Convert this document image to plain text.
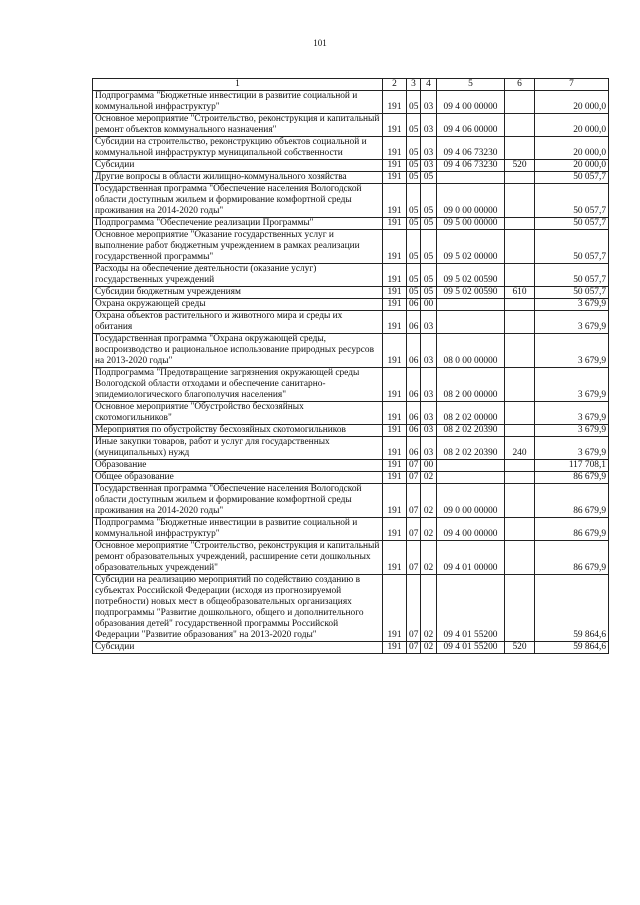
101
1	2	3	4	5	6	7
Подпрограмма "Бюджетные инвестиции в развитие социальной и коммунальной инфраструктур"	191	05	03	09 4 00 00000		20 000,0
Основное мероприятие "Строительство, реконструкция и капитальный ремонт объектов коммунального назначения"	191	05	03	09 4 06 00000		20 000,0
Субсидии на строительство, реконструкцию объектов социальной и коммунальной инфраструктур муниципальной собственности	191	05	03	09 4 06 73230		20 000,0
Субсидии	191	05	03	09 4 06 73230	520	20 000,0
Другие вопросы в области жилищно-коммунального хозяйства	191	05	05			50 057,7
Государственная программа "Обеспечение населения Вологодской области доступным жильем и формирование комфортной среды проживания на 2014-2020 годы"	191	05	05	09 0 00 00000		50 057,7
Подпрограмма "Обеспечение реализации Программы"	191	05	05	09 5 00 00000		50 057,7
Основное мероприятие "Оказание государственных услуг и выполнение работ бюджетным учреждением в рамках реализации государственной программы"	191	05	05	09 5 02 00000		50 057,7
Расходы на обеспечение деятельности (оказание услуг) государственных учреждений	191	05	05	09 5 02 00590		50 057,7
Субсидии бюджетным учреждениям	191	05	05	09 5 02 00590	610	50 057,7
Охрана окружающей среды	191	06	00			3 679,9
Охрана объектов растительного и животного мира и среды их обитания	191	06	03			3 679,9
Государственная программа "Охрана окружающей среды, воспроизводство и рациональное использование природных ресурсов на 2013-2020 годы"	191	06	03	08 0 00 00000		3 679,9
Подпрограмма "Предотвращение загрязнения окружающей среды Вологодской области отходами и обеспечение санитарно-эпидемиологического благополучия населения"	191	06	03	08 2 00 00000		3 679,9
Основное мероприятие "Обустройство бесхозяйных скотомогильников"	191	06	03	08 2 02 00000		3 679,9
Мероприятия по обустройству бесхозяйных скотомогильников	191	06	03	08 2 02 20390		3 679,9
Иные закупки товаров, работ и услуг для государственных (муниципальных) нужд	191	06	03	08 2 02 20390	240	3 679,9
Образование	191	07	00			117 708,1
Общее образование	191	07	02			86 679,9
Государственная программа "Обеспечение населения Вологодской области доступным жильем и формирование комфортной среды проживания на 2014-2020 годы"	191	07	02	09 0 00 00000		86 679,9
Подпрограмма "Бюджетные инвестиции в развитие социальной и коммунальной инфраструктур"	191	07	02	09 4 00 00000		86 679,9
Основное мероприятие "Строительство, реконструкция и капитальный ремонт образовательных учреждений, расширение сети дошкольных образовательных учреждений"	191	07	02	09 4 01 00000		86 679,9
Субсидии на реализацию мероприятий по содействию созданию в субъектах Российской Федерации (исходя из прогнозируемой потребности) новых мест в общеобразовательных организациях подпрограммы "Развитие дошкольного, общего и дополнительного образования детей" государственной программы Российской Федерации "Развитие образования" на 2013-2020 годы"	191	07	02	09 4 01 55200		59 864,6
Субсидии	191	07	02	09 4 01 55200	520	59 864,6
